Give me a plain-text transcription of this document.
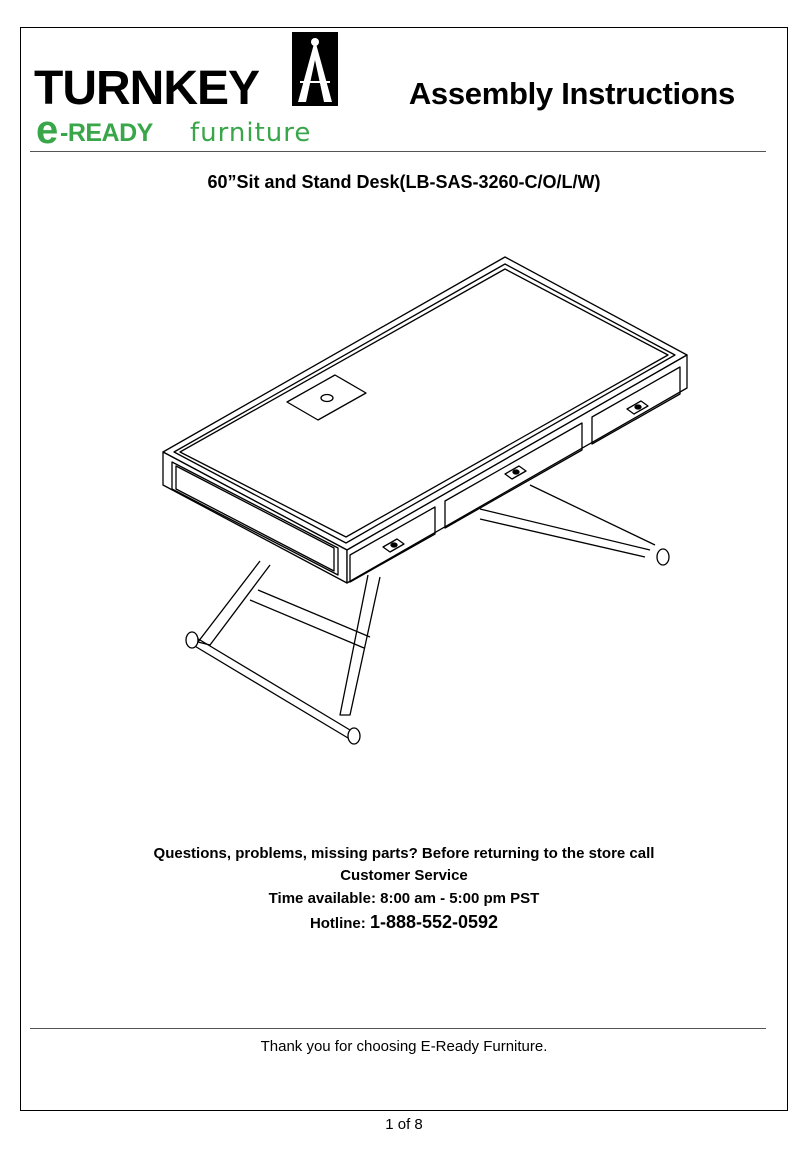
TURNKEY
e -READY furniture
Assembly Instructions
60”Sit and Stand Desk(LB-SAS-3260-C/O/L/W)
Questions, problems, missing parts? Before returning to the store call
Customer Service
Time available: 8:00 am - 5:00 pm PST
Hotline: 1-888-552-0592
Thank you for choosing E-Ready Furniture.
1 of 8
